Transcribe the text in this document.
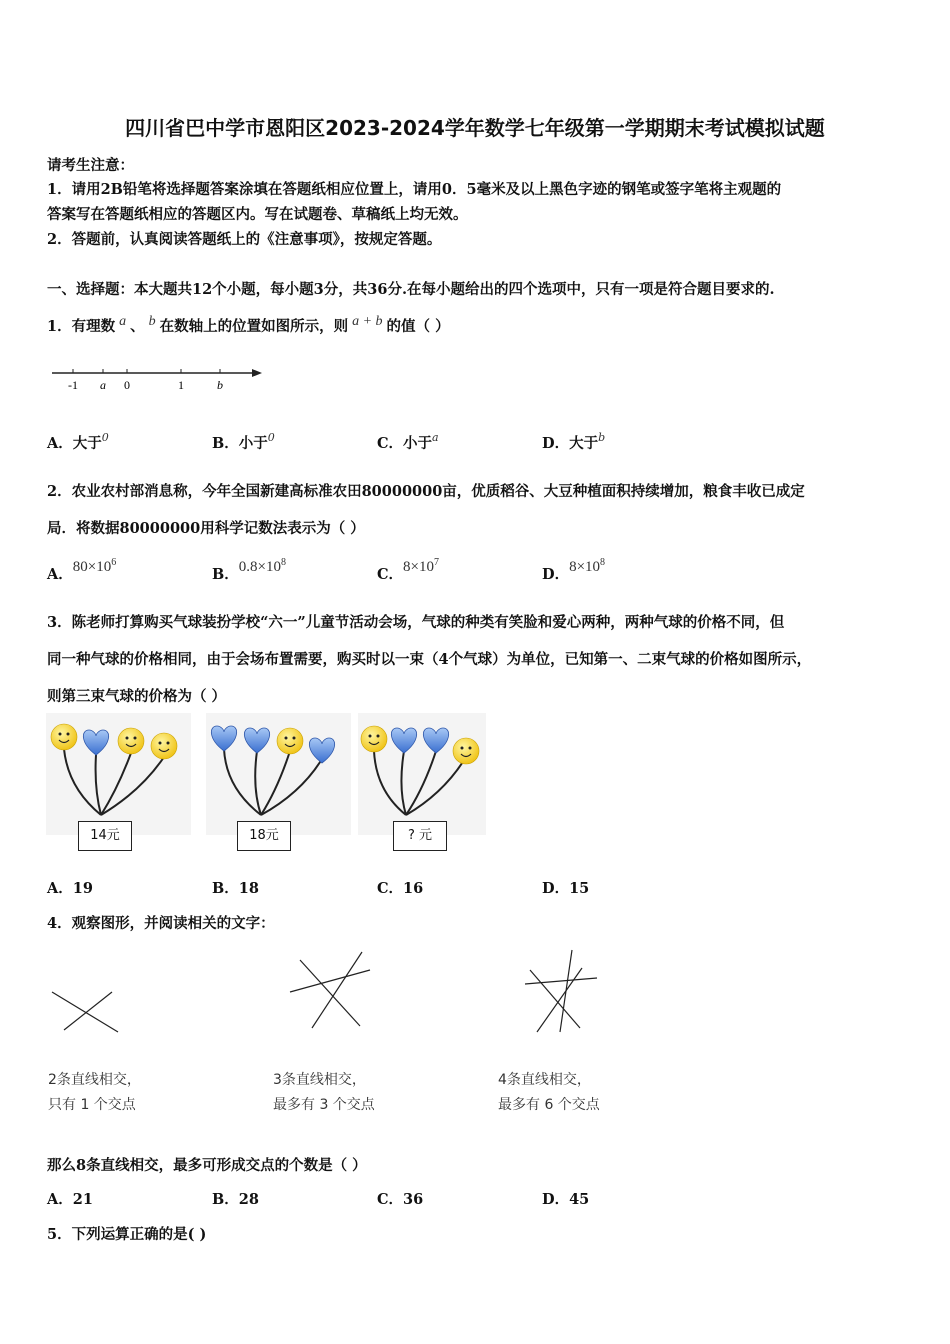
四川省巴中学市恩阳区2023-2024学年数学七年级第一学期期末考试模拟试题
请考生注意：
1．请用2B铅笔将选择题答案涂填在答题纸相应位置上，请用0．5毫米及以上黑色字迹的钢笔或签字笔将主观题的
答案写在答题纸相应的答题区内。写在试题卷、草稿纸上均无效。
2．答题前，认真阅读答题纸上的《注意事项》，按规定答题。
一、选择题：本大题共12个小题，每小题3分，共36分.在每小题给出的四个选项中，只有一项是符合题目要求的.
1．有理数 a 、 b 在数轴上的位置如图所示，则 a + b 的值（ ）
-1 a 0	1	b
A．大于$^0$	B．小于$^0$	C．小于$^a$	D．大于$^b$
2．农业农村部消息称，今年全国新建高标准农田80000000亩，优质稻谷、大豆种植面积持续增加，粮食丰收已成定
局．将数据80000000用科学记数法表示为（ ）
A．$80\times 10^6$
B．$0.8\times 10^8$
C．$8\times 10^7$
D．$8\times 10^8$
3．陈老师打算购买气球装扮学校“六一”儿童节活动会场，气球的种类有笑脸和爱心两种，两种气球的价格不同，但
同一种气球的价格相同，由于会场布置需要，购买时以一束（4个气球）为单位，已知第一、二束气球的价格如图所示，
则第三束气球的价格为（ ）
14元	18元	? 元
A．19	B．18	C．16	D．15
4．观察图形，并阅读相关的文字：
2条直线相交，
只有 1 个交点
3条直线相交，
最多有 3 个交点
4条直线相交，
最多有 6 个交点
那么8条直线相交，最多可形成交点的个数是（ ）
A．21	B．28	C．36	D．45
5．下列运算正确的是( )
